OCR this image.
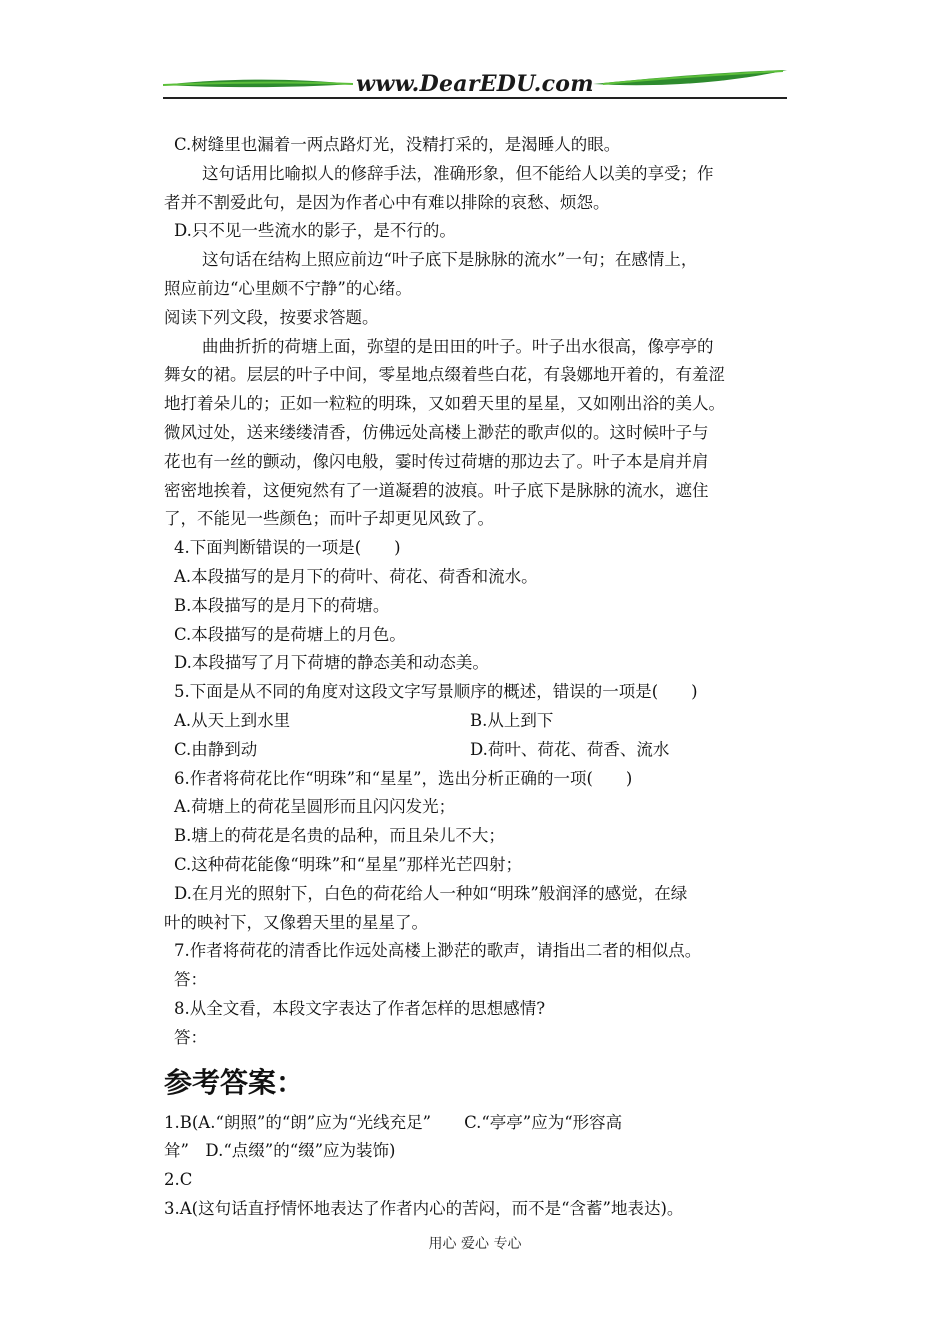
www.DearEDU.com
C.树缝里也漏着一两点路灯光，没精打采的，是渴睡人的眼。
这句话用比喻拟人的修辞手法，准确形象，但不能给人以美的享受；作
者并不割爱此句，是因为作者心中有难以排除的哀愁、烦怨。
D.只不见一些流水的影子，是不行的。
这句话在结构上照应前边“叶子底下是脉脉的流水”一句；在感情上，
照应前边“心里颇不宁静”的心绪。
阅读下列文段，按要求答题。
曲曲折折的荷塘上面，弥望的是田田的叶子。叶子出水很高，像亭亭的
舞女的裙。层层的叶子中间，零星地点缀着些白花，有袅娜地开着的，有羞涩
地打着朵儿的；正如一粒粒的明珠，又如碧天里的星星，又如刚出浴的美人。
微风过处，送来缕缕清香，仿佛远处高楼上渺茫的歌声似的。这时候叶子与
花也有一丝的颤动，像闪电般，霎时传过荷塘的那边去了。叶子本是肩并肩
密密地挨着，这便宛然有了一道凝碧的波痕。叶子底下是脉脉的流水，遮住
了，不能见一些颜色；而叶子却更见风致了。
4.下面判断错误的一项是(　　)
A.本段描写的是月下的荷叶、荷花、荷香和流水。
B.本段描写的是月下的荷塘。
C.本段描写的是荷塘上的月色。
D.本段描写了月下荷塘的静态美和动态美。
5.下面是从不同的角度对这段文字写景顺序的概述，错误的一项是(　　)
A.从天上到水里	B.从上到下
C.由静到动	D.荷叶、荷花、荷香、流水
6.作者将荷花比作“明珠”和“星星”，选出分析正确的一项(　　)
A.荷塘上的荷花呈圆形而且闪闪发光；
B.塘上的荷花是名贵的品种，而且朵儿不大；
C.这种荷花能像“明珠”和“星星”那样光芒四射；
D.在月光的照射下，白色的荷花给人一种如“明珠”般润泽的感觉，在绿
叶的映衬下，又像碧天里的星星了。
7.作者将荷花的清香比作远处高楼上渺茫的歌声，请指出二者的相似点。
答：
8.从全文看，本段文字表达了作者怎样的思想感情?
答：
参考答案：
1.B(A.“朗照”的“朗”应为“光线充足”　　C.“亭亭”应为“形容高
耸”　D.“点缀”的“缀”应为装饰)
2.C
3.A(这句话直抒情怀地表达了作者内心的苦闷，而不是“含蓄”地表达)。
用心 爱心 专心
